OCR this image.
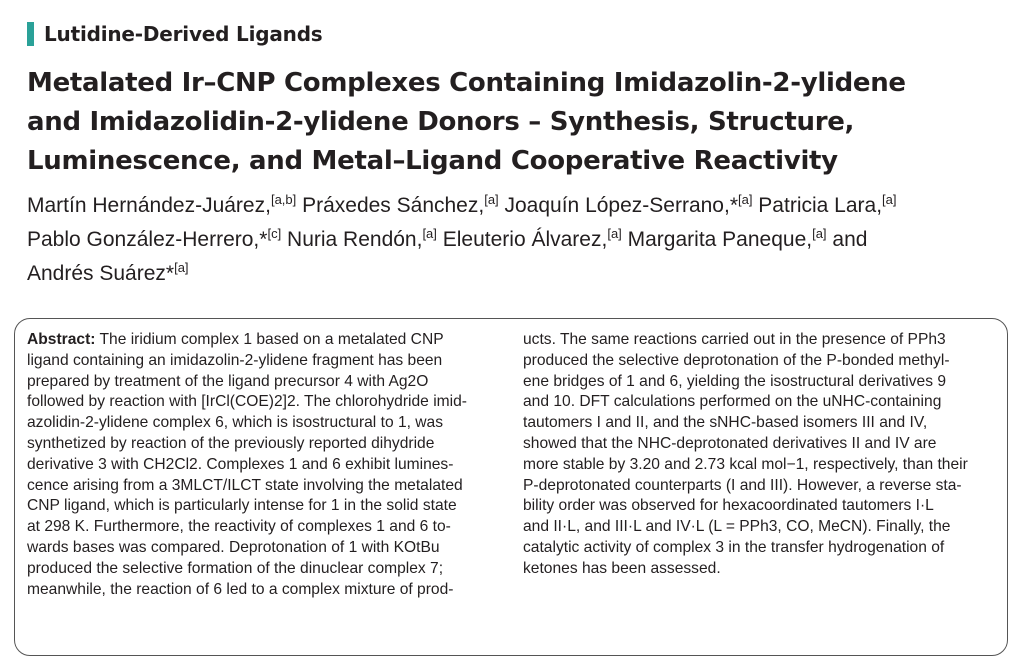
Lutidine-Derived Ligands
Metalated Ir–CNP Complexes Containing Imidazolin-2-ylidene
and Imidazolidin-2-ylidene Donors – Synthesis, Structure,
Luminescence, and Metal–Ligand Cooperative Reactivity
Martín Hernández-Juárez,[a,b] Práxedes Sánchez,[a] Joaquín López-Serrano,*[a] Patricia Lara,[a]
Pablo González-Herrero,*[c] Nuria Rendón,[a] Eleuterio Álvarez,[a] Margarita Paneque,[a] and
Andrés Suárez*[a]
Abstract: The iridium complex 1 based on a metalated CNP
ligand containing an imidazolin-2-ylidene fragment has been
prepared by treatment of the ligand precursor 4 with Ag2O
followed by reaction with [IrCl(COE)2]2. The chlorohydride imid-
azolidin-2-ylidene complex 6, which is isostructural to 1, was
synthetized by reaction of the previously reported dihydride
derivative 3 with CH2Cl2. Complexes 1 and 6 exhibit lumines-
cence arising from a 3MLCT/ILCT state involving the metalated
CNP ligand, which is particularly intense for 1 in the solid state
at 298 K. Furthermore, the reactivity of complexes 1 and 6 to-
wards bases was compared. Deprotonation of 1 with KOtBu
produced the selective formation of the dinuclear complex 7;
meanwhile, the reaction of 6 led to a complex mixture of prod-
ucts. The same reactions carried out in the presence of PPh3
produced the selective deprotonation of the P-bonded methyl-
ene bridges of 1 and 6, yielding the isostructural derivatives 9
and 10. DFT calculations performed on the uNHC-containing
tautomers I and II, and the sNHC-based isomers III and IV,
showed that the NHC-deprotonated derivatives II and IV are
more stable by 3.20 and 2.73 kcal mol−1, respectively, than their
P-deprotonated counterparts (I and III). However, a reverse sta-
bility order was observed for hexacoordinated tautomers I·L
and II·L, and III·L and IV·L (L = PPh3, CO, MeCN). Finally, the
catalytic activity of complex 3 in the transfer hydrogenation of
ketones has been assessed.
